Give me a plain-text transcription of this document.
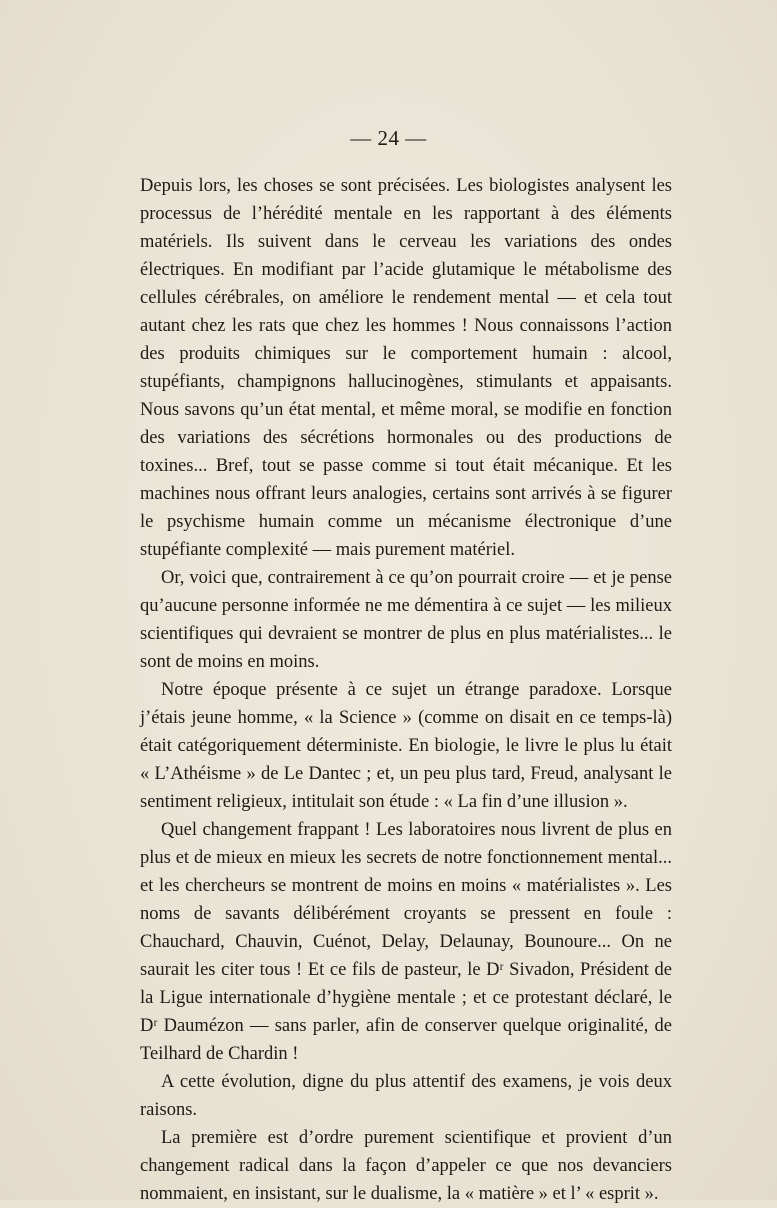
— 24 —

Depuis lors, les choses se sont précisées. Les biologistes analysent les processus de l’hérédité mentale en les rapportant à des éléments matériels. Ils suivent dans le cerveau les variations des ondes électriques. En modifiant par l’acide glutamique le métabolisme des cellules cérébrales, on améliore le rendement mental — et cela tout autant chez les rats que chez les hommes ! Nous connaissons l’action des produits chimiques sur le comportement humain : alcool, stupéfiants, champignons hallucinogènes, stimulants et appaisants. Nous savons qu’un état mental, et même moral, se modifie en fonction des variations des sécrétions hormonales ou des productions de toxines... Bref, tout se passe comme si tout était mécanique. Et les machines nous offrant leurs analogies, certains sont arrivés à se figurer le psychisme humain comme un mécanisme électronique d’une stupéfiante complexité — mais purement matériel.

Or, voici que, contrairement à ce qu’on pourrait croire — et je pense qu’aucune personne informée ne me démentira à ce sujet — les milieux scientifiques qui devraient se montrer de plus en plus matérialistes... le sont de moins en moins.

Notre époque présente à ce sujet un étrange paradoxe. Lorsque j’étais jeune homme, « la Science » (comme on disait en ce temps-là) était catégoriquement déterministe. En biologie, le livre le plus lu était « L’Athéisme » de Le Dantec ; et, un peu plus tard, Freud, analysant le sentiment religieux, intitulait son étude : « La fin d’une illusion ».

Quel changement frappant ! Les laboratoires nous livrent de plus en plus et de mieux en mieux les secrets de notre fonctionnement mental... et les chercheurs se montrent de moins en moins « matérialistes ». Les noms de savants délibérément croyants se pressent en foule : Chauchard, Chauvin, Cuénot, Delay, Delaunay, Bounoure... On ne saurait les citer tous ! Et ce fils de pasteur, le Dʳ Sivadon, Président de la Ligue internationale d’hygiène mentale ; et ce protestant déclaré, le Dʳ Daumézon — sans parler, afin de conserver quelque originalité, de Teilhard de Chardin !

A cette évolution, digne du plus attentif des examens, je vois deux raisons.

La première est d’ordre purement scientifique et provient d’un changement radical dans la façon d’appeler ce que nos devanciers nommaient, en insistant, sur le dualisme, la « matière » et l’ « esprit ».
